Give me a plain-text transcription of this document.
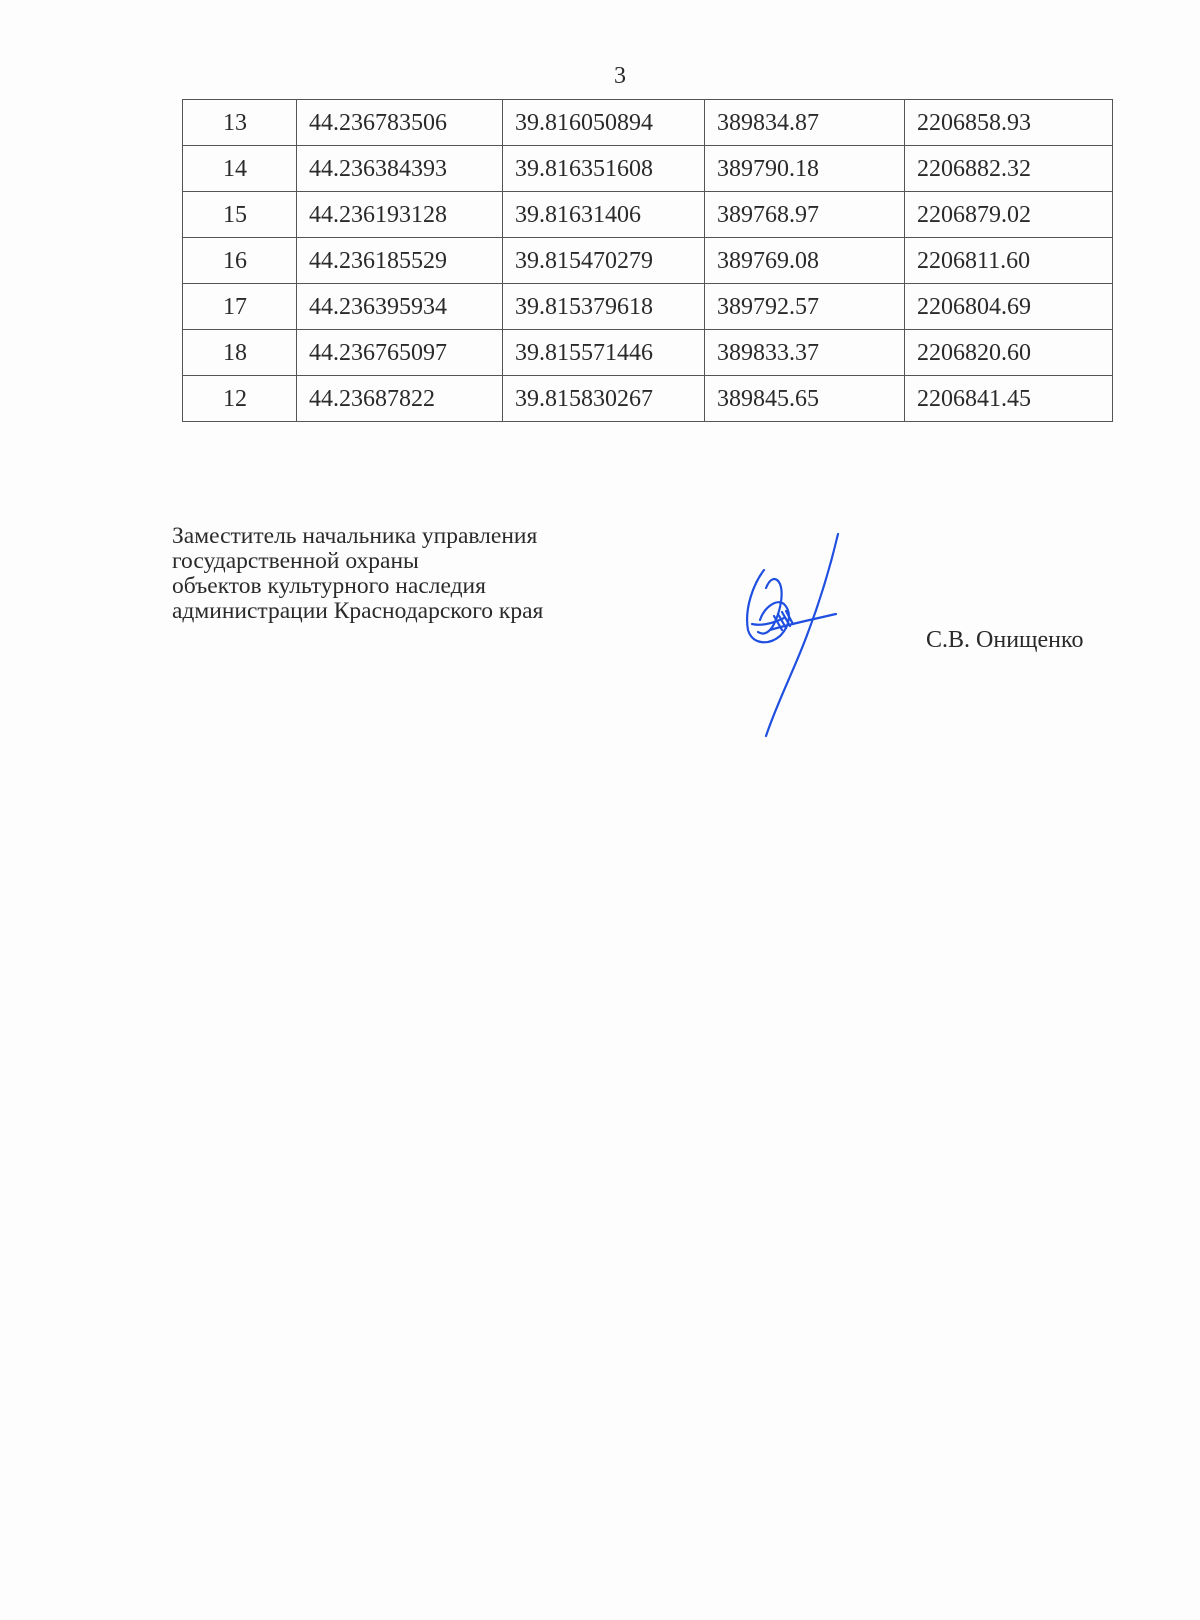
3
13	44.236783506	39.816050894	389834.87	2206858.93
14	44.236384393	39.816351608	389790.18	2206882.32
15	44.236193128	39.81631406	389768.97	2206879.02
16	44.236185529	39.815470279	389769.08	2206811.60
17	44.236395934	39.815379618	389792.57	2206804.69
18	44.236765097	39.815571446	389833.37	2206820.60
12	44.23687822	39.815830267	389845.65	2206841.45
Заместитель начальника управления
государственной охраны
объектов культурного наследия
администрации Краснодарского края
С.В. Онищенко
